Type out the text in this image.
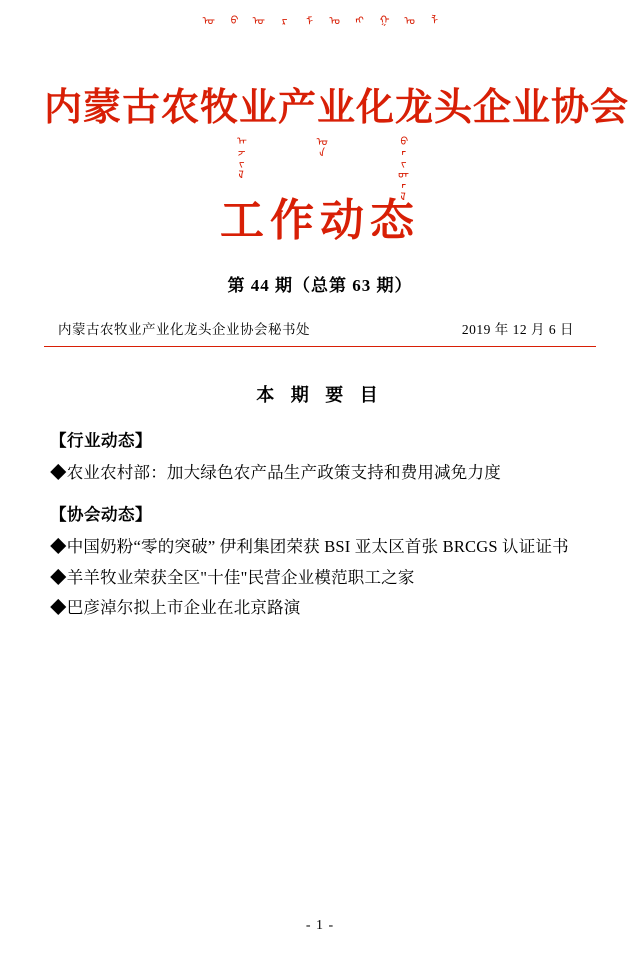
ᠦ ᠪ ᠦ ᠷ ᠮ ᠣ ᠩ ᠭ ᠣ ᠯ
内蒙古农牧业产业化龙头企业协会
ᠠᠵᠢᠯ	ᠤᠨ	ᠪᠠᠢᠳᠠᠯ
工作动态
第 44 期（总第 63 期）
内蒙古农牧业产业化龙头企业协会秘书处	2019 年 12 月 6 日
本 期 要 目
【行业动态】
◆农业农村部：加大绿色农产品生产政策支持和费用减免力度
【协会动态】
◆中国奶粉“零的突破” 伊利集团荣获 BSI 亚太区首张 BRCGS 认证证书
◆羊羊牧业荣获全区"十佳"民营企业模范职工之家
◆巴彦淖尔拟上市企业在北京路演
- 1 -
